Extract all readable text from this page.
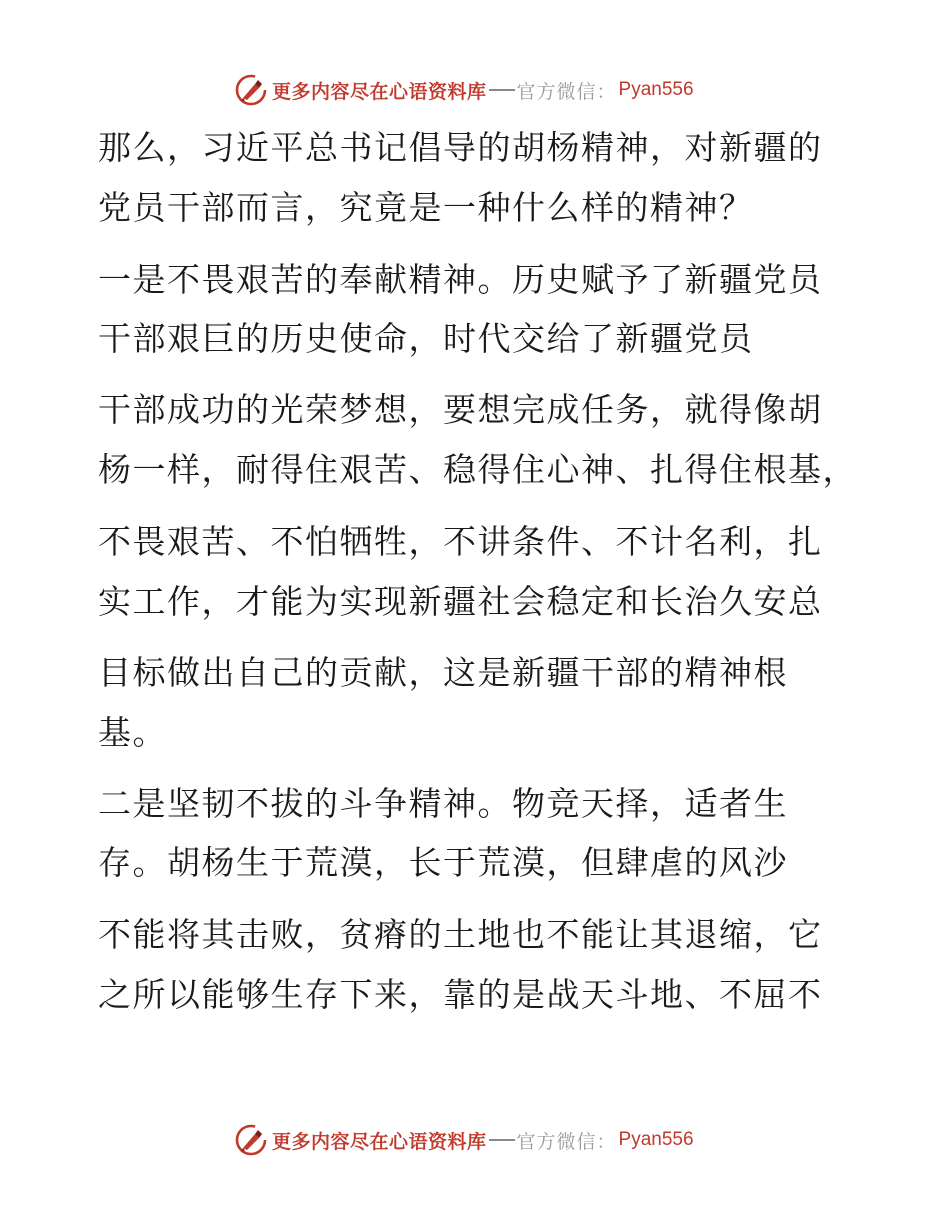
更多内容尽在心语资料库 官方微信： Pyan556
那么，习近平总书记倡导的胡杨精神，对新疆的
党员干部而言，究竟是一种什么样的精神？
一是不畏艰苦的奉献精神。历史赋予了新疆党员
干部艰巨的历史使命，时代交给了新疆党员
干部成功的光荣梦想，要想完成任务，就得像胡
杨一样，耐得住艰苦、稳得住心神、扎得住根基，
不畏艰苦、不怕牺牲，不讲条件、不计名利，扎
实工作，才能为实现新疆社会稳定和长治久安总
目标做出自己的贡献，这是新疆干部的精神根
基。
二是坚韧不拔的斗争精神。物竞天择，适者生
存。胡杨生于荒漠，长于荒漠，但肆虐的风沙
不能将其击败，贫瘠的土地也不能让其退缩，它
之所以能够生存下来，靠的是战天斗地、不屈不
更多内容尽在心语资料库 官方微信： Pyan556
